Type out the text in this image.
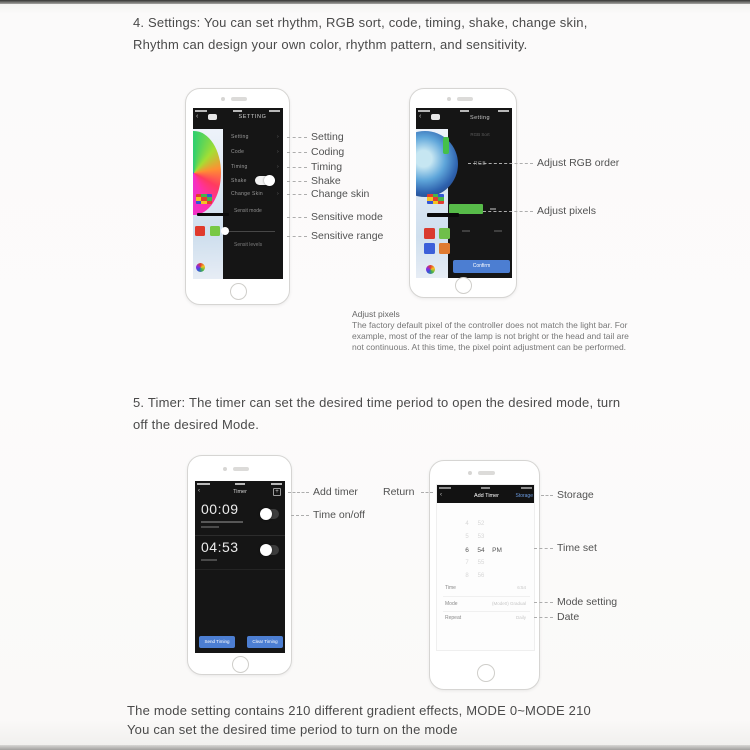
4. Settings: You can set rhythm, RGB sort, code, timing, shake, change skin,
Rhythm can design your own color, rhythm pattern, and sensitivity.
‹	SETTING
Setting
Code
Timing
Shake
Change Skin
›
›
›
›
Sensit mode
Sensit levels
Setting
Coding
Timing
Shake
Change skin
Sensitive mode
Sensitive range
‹	Setting
RGB Sort
RGB
Confirm
Adjust RGB order
Adjust pixels
Adjust pixels
The factory default pixel of the controller does not match the light bar. For
example, most of the rear of the lamp is not bright or the head and tail are
not continuous. At this time, the pixel point adjustment can be performed.
5. Timer: The timer can set the desired time period to open the desired mode, turn
off the desired Mode.
‹	Timer	+
00:09
04:53
Send Timing	Clear Timing
Add timer
Time on/off
‹	Add Timer	Storage
4 52
5 53
6 54 PM
7 55
8 56
Time	6:54
Mode	(Mode0) Gradual
Repeat	Daily
Return	Storage
Time set
Mode setting
Date
The mode setting contains 210 different gradient effects, MODE 0~MODE 210
You can set the desired time period to turn on the mode
